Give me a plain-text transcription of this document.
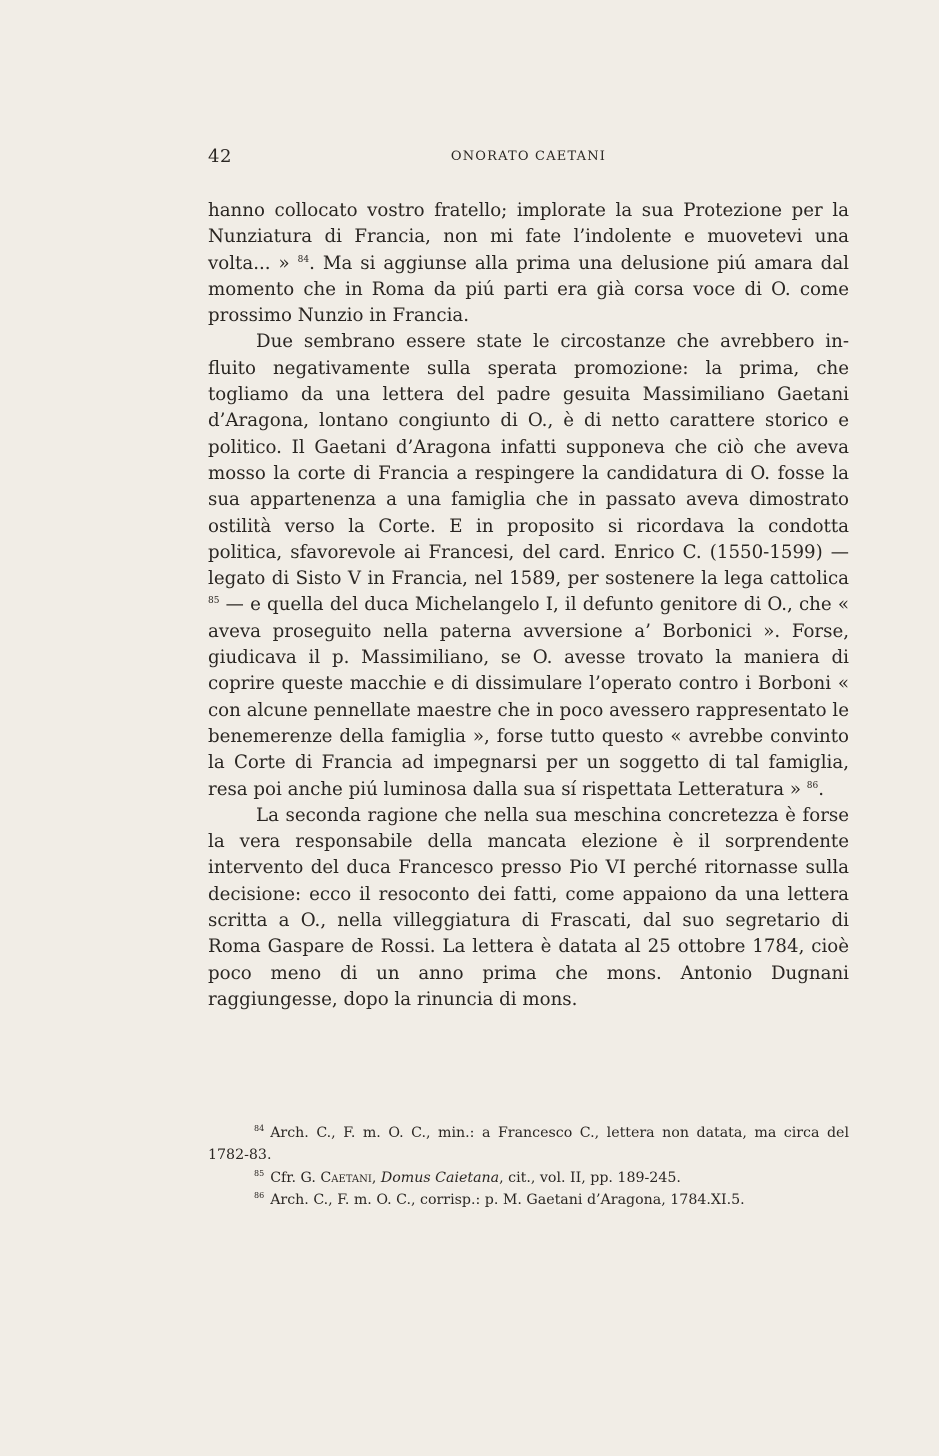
42	ONORATO CAETANI

hanno collocato vostro fratello; implorate la sua Protezione per la Nunziatura di Francia, non mi fate l’indolente e muovetevi una volta... » $^{84}$. Ma si aggiunse alla prima una delusione piú amara dal momento che in Roma da piú parti era già corsa voce di O. come prossimo Nunzio in Francia.

Due sembrano essere state le circostanze che avrebbero influito negativamente sulla sperata promozione: la prima, che togliamo da una lettera del padre gesuita Massimiliano Gaetani d’Aragona, lontano congiunto di O., è di netto carattere storico e politico. Il Gaetani d’Aragona infatti supponeva che ciò che aveva mosso la corte di Francia a respingere la candidatura di O. fosse la sua appartenenza a una famiglia che in passato aveva dimostrato ostilità verso la Corte. E in proposito si ricordava la condotta politica, sfavorevole ai Francesi, del card. Enrico C. (1550-1599) — legato di Sisto V in Francia, nel 1589, per sostenere la lega cattolica $^{85}$ — e quella del duca Michelangelo I, il defunto genitore di O., che « aveva proseguito nella paterna avversione a’ Borbonici ». Forse, giudicava il p. Massimiliano, se O. avesse trovato la maniera di coprire queste macchie e di dissimulare l’operato contro i Borboni « con alcune pennellate maestre che in poco avessero rappresentato le benemerenze della famiglia », forse tutto questo « avrebbe convinto la Corte di Francia ad impegnarsi per un soggetto di tal famiglia, resa poi anche piú luminosa dalla sua sí rispettata Letteratura » $^{86}$.

La seconda ragione che nella sua meschina concretezza è forse la vera responsabile della mancata elezione è il sorprendente intervento del duca Francesco presso Pio VI perché ritornasse sulla decisione: ecco il resoconto dei fatti, come appaiono da una lettera scritta a O., nella villeggiatura di Frascati, dal suo segretario di Roma Gaspare de Rossi. La lettera è datata al 25 ottobre 1784, cioè poco meno di un anno prima che mons. Antonio Dugnani raggiungesse, dopo la rinuncia di mons.

$^{84}$ Arch. C., F. m. O. C., min.: a Francesco C., lettera non datata, ma circa del 1782-83.

$^{85}$ Cfr. G. Caetani, Domus Caietana, cit., vol. II, pp. 189-245.

$^{86}$ Arch. C., F. m. O. C., corrisp.: p. M. Gaetani d’Aragona, 1784.XI.5.
